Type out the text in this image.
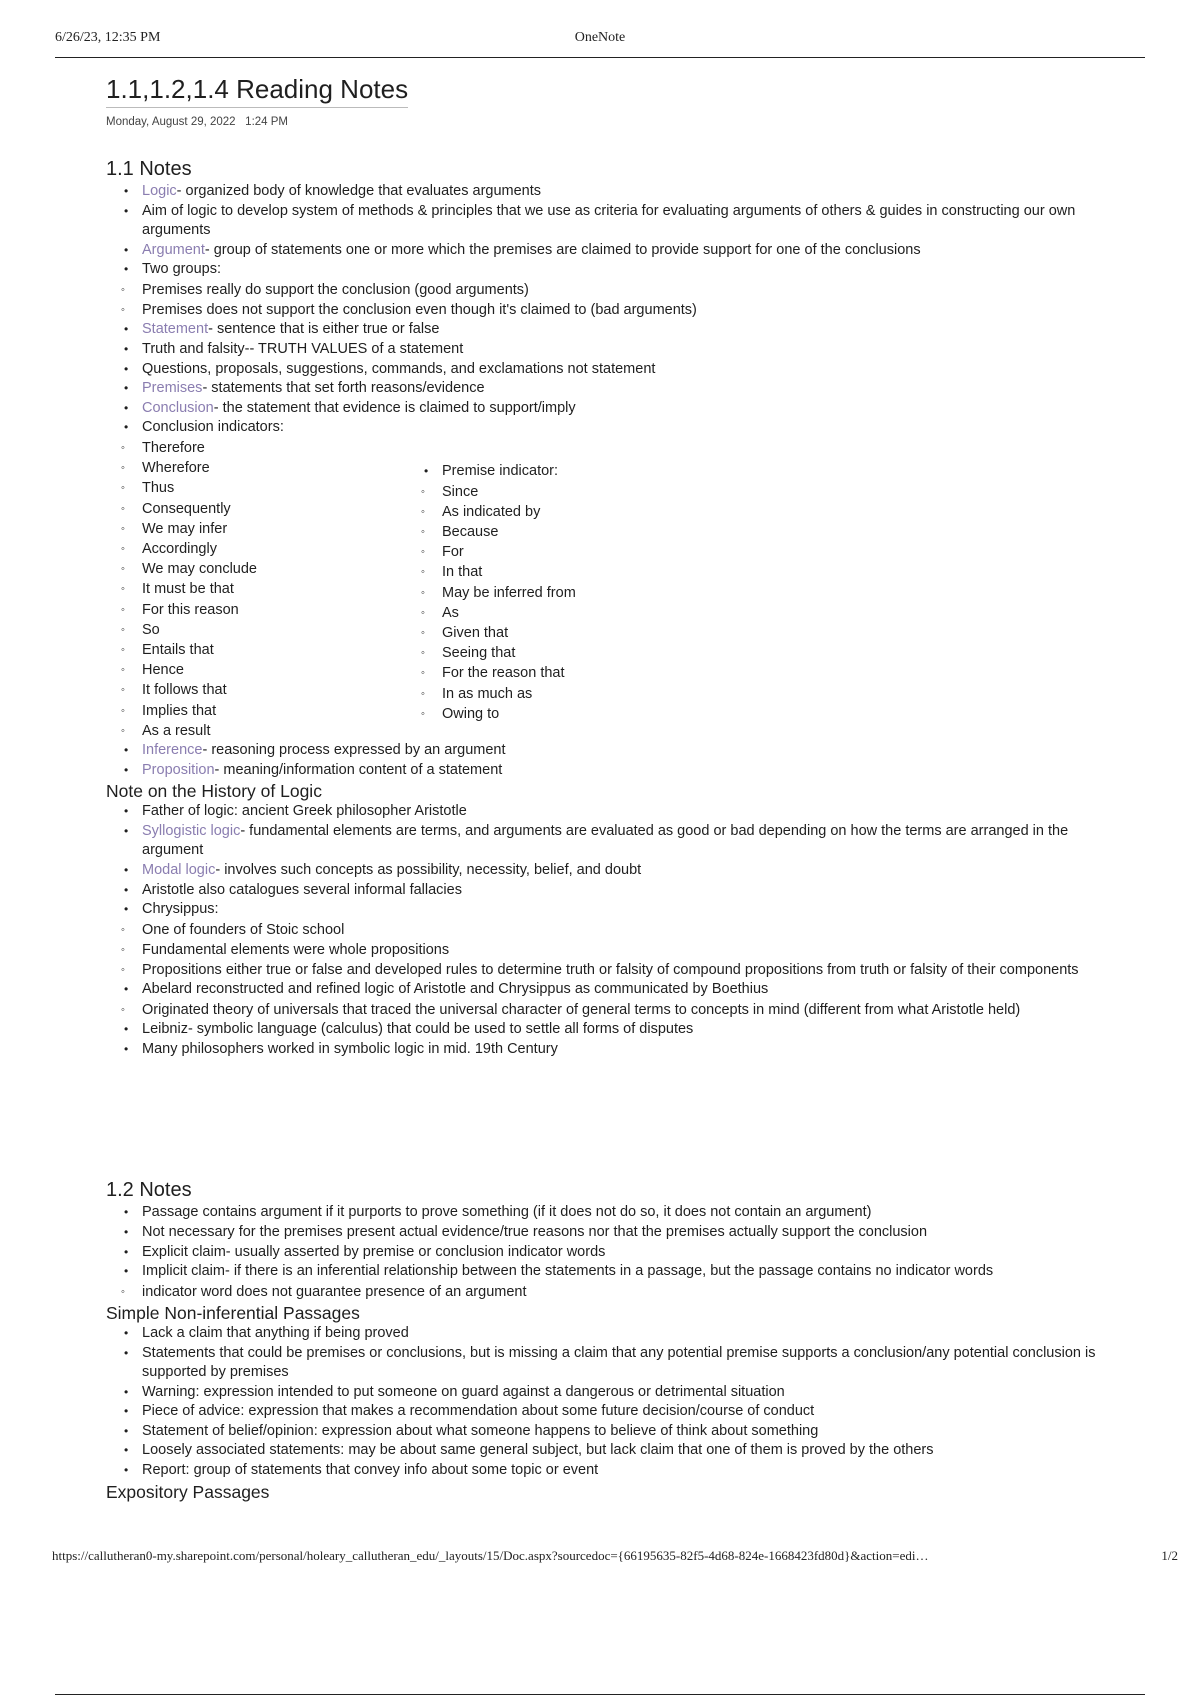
6/26/23, 12:35 PM	OneNote
1.1,1.2,1.4 Reading Notes
Monday, August 29, 2022 1:24 PM
1.1 Notes
• Logic- organized body of knowledge that evaluates arguments
• Aim of logic to develop system of methods & principles that we use as criteria for evaluating arguments of others & guides in constructing our own arguments
• Argument- group of statements one or more which the premises are claimed to provide support for one of the conclusions
• Two groups:
◦ Premises really do support the conclusion (good arguments)
◦ Premises does not support the conclusion even though it's claimed to (bad arguments)
• Statement- sentence that is either true or false
• Truth and falsity-- TRUTH VALUES of a statement
• Questions, proposals, suggestions, commands, and exclamations not statement
• Premises- statements that set forth reasons/evidence
• Conclusion- the statement that evidence is claimed to support/imply
• Conclusion indicators:
◦ Therefore
◦ Wherefore
◦ Thus
◦ Consequently
◦ We may infer
◦ Accordingly
◦ We may conclude
◦ It must be that
◦ For this reason
◦ So
◦ Entails that
◦ Hence
◦ It follows that
◦ Implies that
◦ As a result
• Premise indicator:
◦ Since
◦ As indicated by
◦ Because
◦ For
◦ In that
◦ May be inferred from
◦ As
◦ Given that
◦ Seeing that
◦ For the reason that
◦ In as much as
◦ Owing to
• Inference- reasoning process expressed by an argument
• Proposition- meaning/information content of a statement
Note on the History of Logic
• Father of logic: ancient Greek philosopher Aristotle
• Syllogistic logic- fundamental elements are terms, and arguments are evaluated as good or bad depending on how the terms are arranged in the argument
• Modal logic- involves such concepts as possibility, necessity, belief, and doubt
• Aristotle also catalogues several informal fallacies
• Chrysippus:
◦ One of founders of Stoic school
◦ Fundamental elements were whole propositions
◦ Propositions either true or false and developed rules to determine truth or falsity of compound propositions from truth or falsity of their components
• Abelard reconstructed and refined logic of Aristotle and Chrysippus as communicated by Boethius
◦ Originated theory of universals that traced the universal character of general terms to concepts in mind (different from what Aristotle held)
• Leibniz- symbolic language (calculus) that could be used to settle all forms of disputes
• Many philosophers worked in symbolic logic in mid. 19th Century
1.2 Notes
• Passage contains argument if it purports to prove something (if it does not do so, it does not contain an argument)
• Not necessary for the premises present actual evidence/true reasons nor that the premises actually support the conclusion
• Explicit claim- usually asserted by premise or conclusion indicator words
• Implicit claim- if there is an inferential relationship between the statements in a passage, but the passage contains no indicator words
◦ indicator word does not guarantee presence of an argument
Simple Non-inferential Passages
• Lack a claim that anything if being proved
• Statements that could be premises or conclusions, but is missing a claim that any potential premise supports a conclusion/any potential conclusion is supported by premises
• Warning: expression intended to put someone on guard against a dangerous or detrimental situation
• Piece of advice: expression that makes a recommendation about some future decision/course of conduct
• Statement of belief/opinion: expression about what someone happens to believe of think about something
• Loosely associated statements: may be about same general subject, but lack claim that one of them is proved by the others
• Report: group of statements that convey info about some topic or event
Expository Passages
https://callutheran0-my.sharepoint.com/personal/holeary_callutheran_edu/_layouts/15/Doc.aspx?sourcedoc={66195635-82f5-4d68-824e-1668423fd80d}&action=edi…	1/2
